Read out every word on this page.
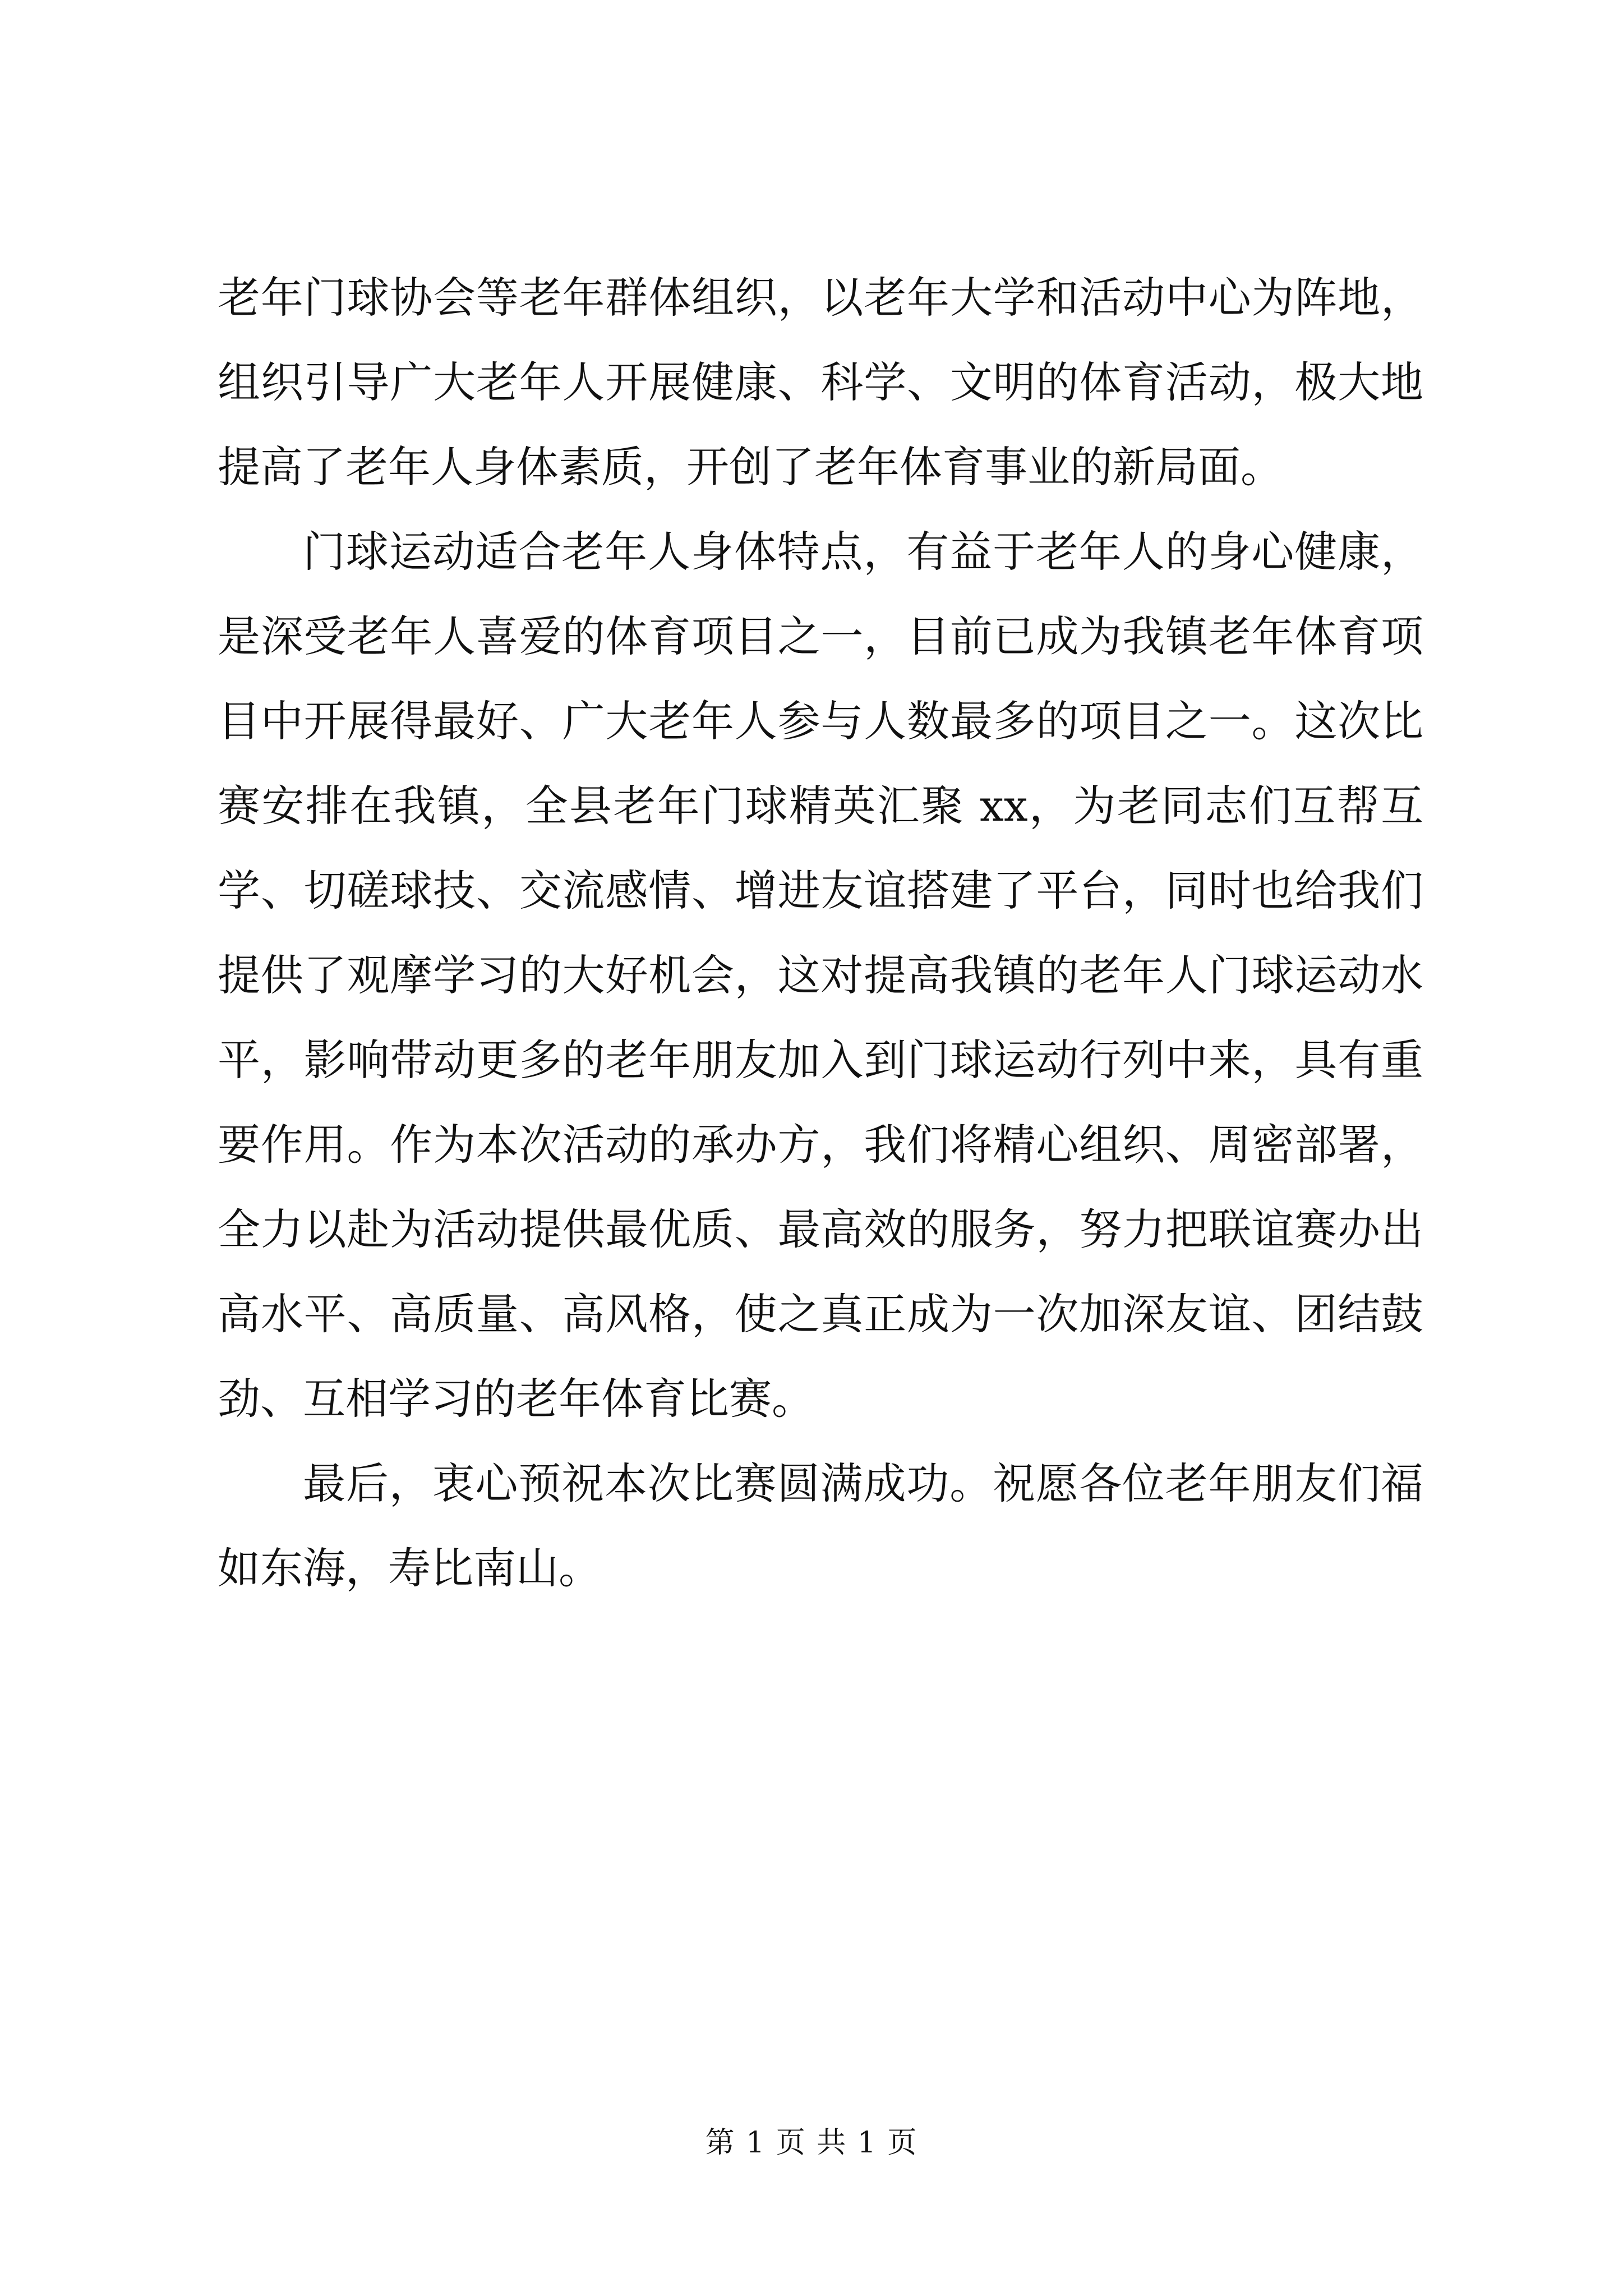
老年门球协会等老年群体组织，以老年大学和活动中心为阵地，
组织引导广大老年人开展健康、科学、文明的体育活动，极大地
提高了老年人身体素质，开创了老年体育事业的新局面。
门球运动适合老年人身体特点，有益于老年人的身心健康，
是深受老年人喜爱的体育项目之一，目前已成为我镇老年体育项
目中开展得最好、广大老年人参与人数最多的项目之一。这次比
赛安排在我镇，全县老年门球精英汇聚 xx，为老同志们互帮互
学、切磋球技、交流感情、增进友谊搭建了平台，同时也给我们
提供了观摩学习的大好机会，这对提高我镇的老年人门球运动水
平，影响带动更多的老年朋友加入到门球运动行列中来，具有重
要作用。作为本次活动的承办方，我们将精心组织、周密部署，
全力以赴为活动提供最优质、最高效的服务，努力把联谊赛办出
高水平、高质量、高风格，使之真正成为一次加深友谊、团结鼓
劲、互相学习的老年体育比赛。
最后，衷心预祝本次比赛圆满成功。祝愿各位老年朋友们福
如东海，寿比南山。
第 1 页 共 1 页
